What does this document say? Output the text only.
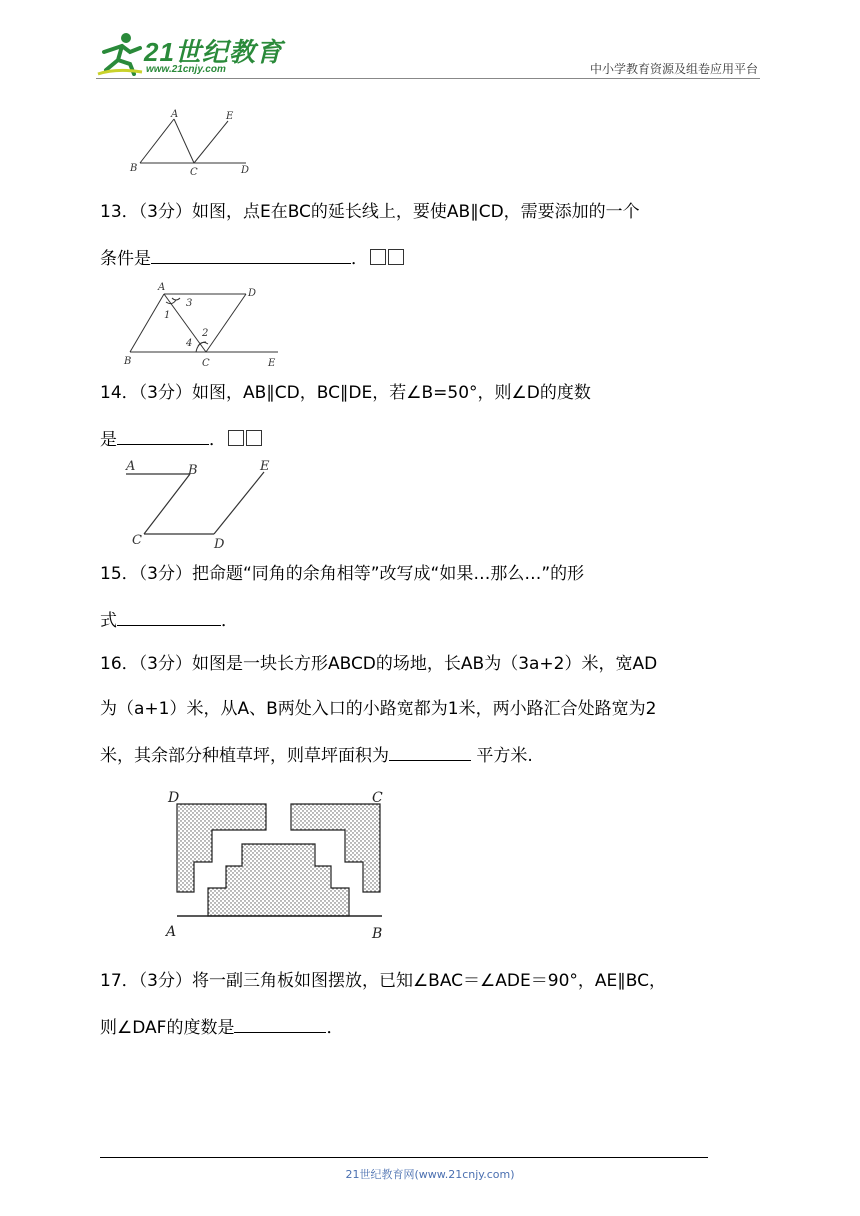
21世纪教育
www.21cnjy.com	中小学教育资源及组卷应用平台
A
B	C	D
E
13．（3分）如图，点E在BC的延长线上，要使AB∥CD，需要添加的一个
条件是	．
A
B	C
D
E
1
2
3
4
14．（3分）如图，AB∥CD，BC∥DE，若∠B=50°，则∠D的度数
是	．
A	B
C	D
E
15．（3分）把命题“同角的余角相等”改写成“如果…那么…”的形
式	．
16．（3分）如图是一块长方形ABCD的场地，长AB为（3a+2）米，宽AD
为（a+1）米，从A、B两处入口的小路宽都为1米，两小路汇合处路宽为2
米，其余部分种植草坪，则草坪面积为	平方米.
D	C
A	B
17．（3分）将一副三角板如图摆放，已知∠BAC＝∠ADE＝90°，AE∥BC，
则∠DAF的度数是	．
21世纪教育网(www.21cnjy.com)
